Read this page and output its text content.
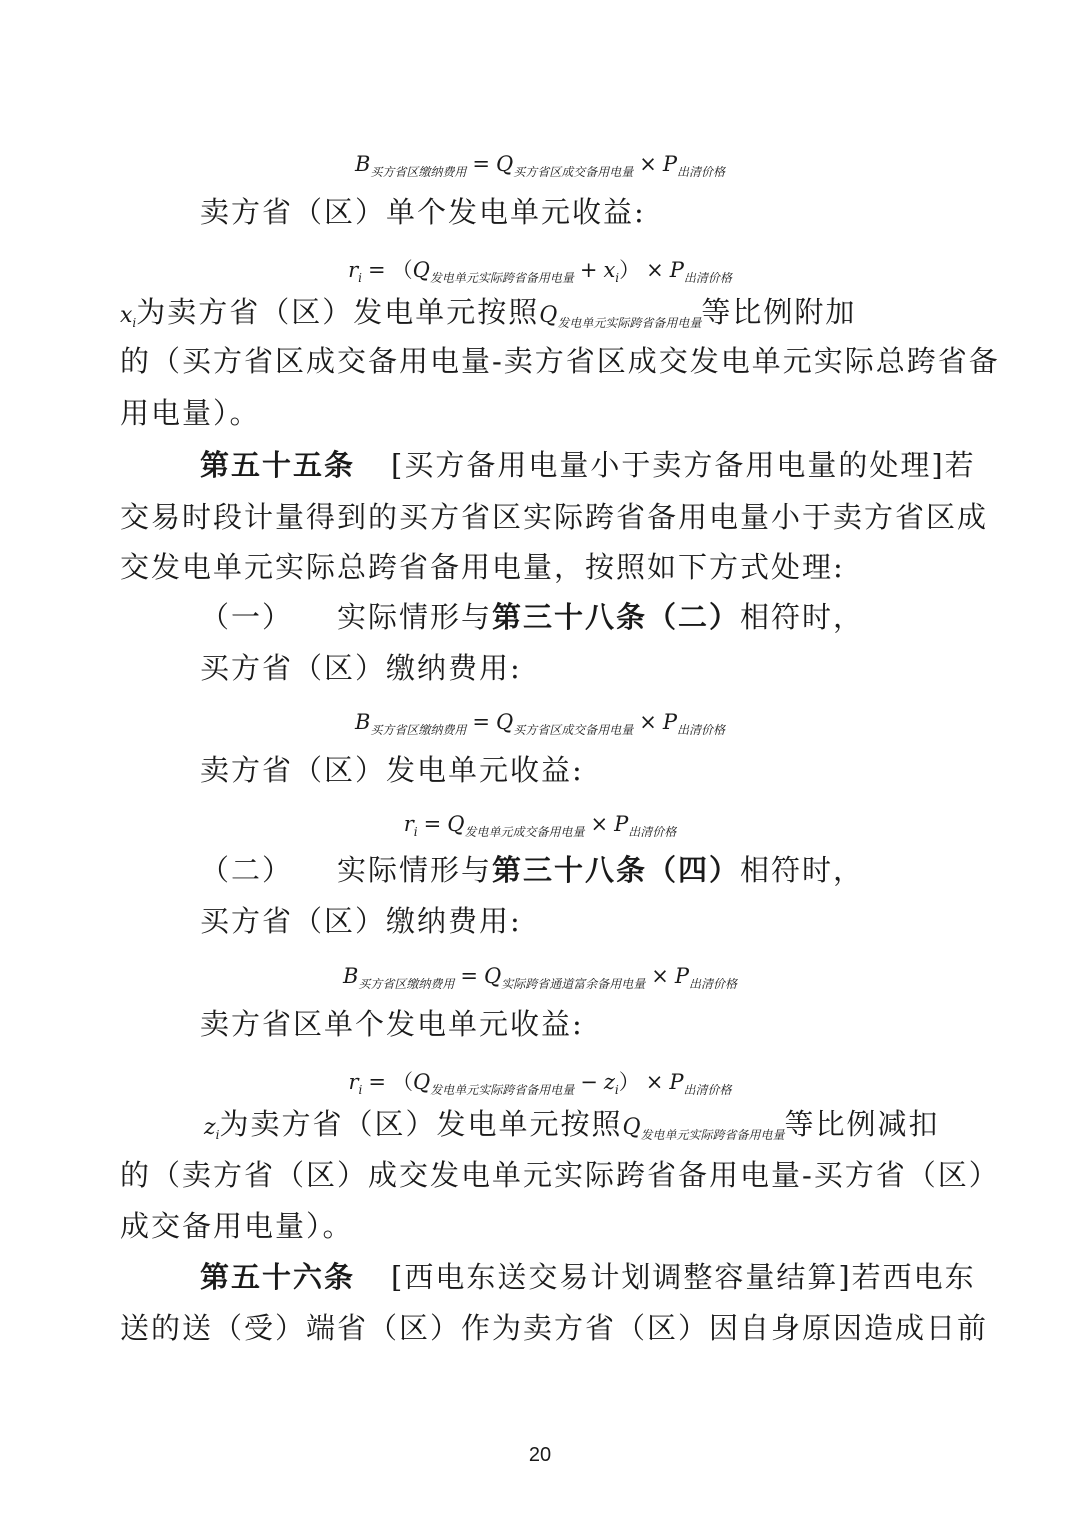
$B_{买方省区缴纳费用} = Q_{买方省区成交备用电量} \times P_{出清价格}$
卖方省（区）单个发电单元收益:
$r_i = (Q_{发电单元实际跨省备用电量} + x_i) \times P_{出清价格}$
$x_i$为卖方省（区）发电单元按照$Q_{发电单元实际跨省备用电量}$等比例附加
的（买方省区成交备用电量-卖方省区成交发电单元实际总跨省备
用电量）。
第五十五条 [买方备用电量小于卖方备用电量的处理]若
交易时段计量得到的买方省区实际跨省备用电量小于卖方省区成
交发电单元实际总跨省备用电量，按照如下方式处理:
（一） 实际情形与第三十八条（二）相符时，
买方省（区）缴纳费用:
$B_{买方省区缴纳费用} = Q_{买方省区成交备用电量} \times P_{出清价格}$
卖方省（区）发电单元收益:
$r_i = Q_{发电单元成交备用电量} \times P_{出清价格}$
（二） 实际情形与第三十八条（四）相符时，
买方省（区）缴纳费用:
$B_{买方省区缴纳费用} = Q_{实际跨省通道富余备用电量} \times P_{出清价格}$
卖方省区单个发电单元收益:
$r_i = (Q_{发电单元实际跨省备用电量} - z_i) \times P_{出清价格}$
$z_i$为卖方省（区）发电单元按照$Q_{发电单元实际跨省备用电量}$等比例减扣
的（卖方省（区）成交发电单元实际跨省备用电量-买方省（区）
成交备用电量）。
第五十六条 [西电东送交易计划调整容量结算]若西电东
送的送（受）端省（区）作为卖方省（区）因自身原因造成日前
20
